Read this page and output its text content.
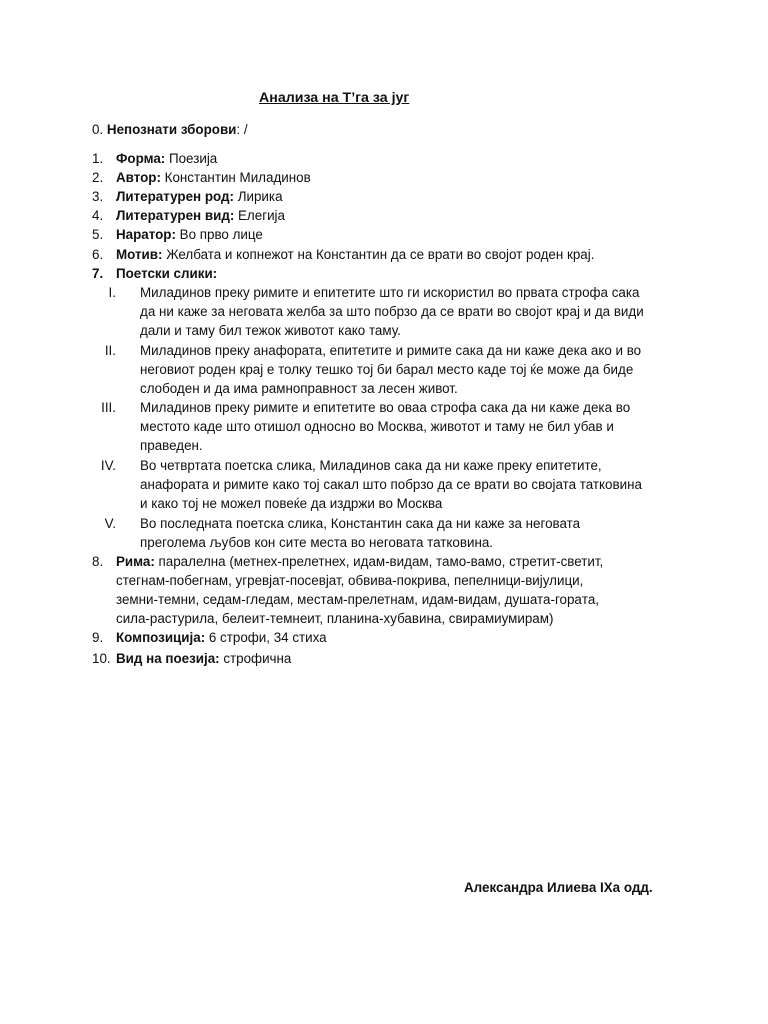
Анализа на Т’га за југ
0. Непознати зборови: /
1. Форма: Поезија
2. Автор: Константин Миладинов
3. Литературен род: Лирика
4. Литературен вид: Елегија
5. Наратор: Во прво лице
6. Мотив: Желбата и копнежот на Константин да се врати во својот роден крај.
7. Поетски слики:
I. Миладинов преку римите и епитетите што ги искористил во првата строфа сака
да ни каже за неговата желба за што побрзо да се врати во својот крај и да види
дали и таму бил тежок животот како таму.
II. Миладинов преку анафората, епитетите и римите сака да ни каже дека ако и во
неговиот роден крај е толку тешко тој би барал место каде тој ќе може да биде
слободен и да има рамноправност за лесен живот.
III. Миладинов преку римите и епитетите во оваа строфа сака да ни каже дека во
местото каде што отишол односно во Москва, животот и таму не бил убав и
праведен.
IV. Во четвртата поетска слика, Миладинов сака да ни каже преку епитетите,
анафората и римите како тој сакал што побрзо да се врати во својата татковина
и како тој не можел повеќе да издржи во Москва
V. Во последната поетска слика, Константин сака да ни каже за неговата
преголема љубов кон сите места во неговата татковина.
8. Рима: паралелна (метнех-прелетнех, идам-видам, тамо-вамо, стретит-светит,
стегнам-побегнам, угревјат-посевјат, обвива-покрива, пепелници-вијулици,
земни-темни, седам-гледам, местам-прелетнам, идам-видам, душата-горaта,
сила-растурила, белеит-темнеит, планина-хубавина, свирамиумирам)
9. Композиција: 6 строфи, 34 стиха
10. Вид на поезија: строфична
Александра Илиева IXа одд.
